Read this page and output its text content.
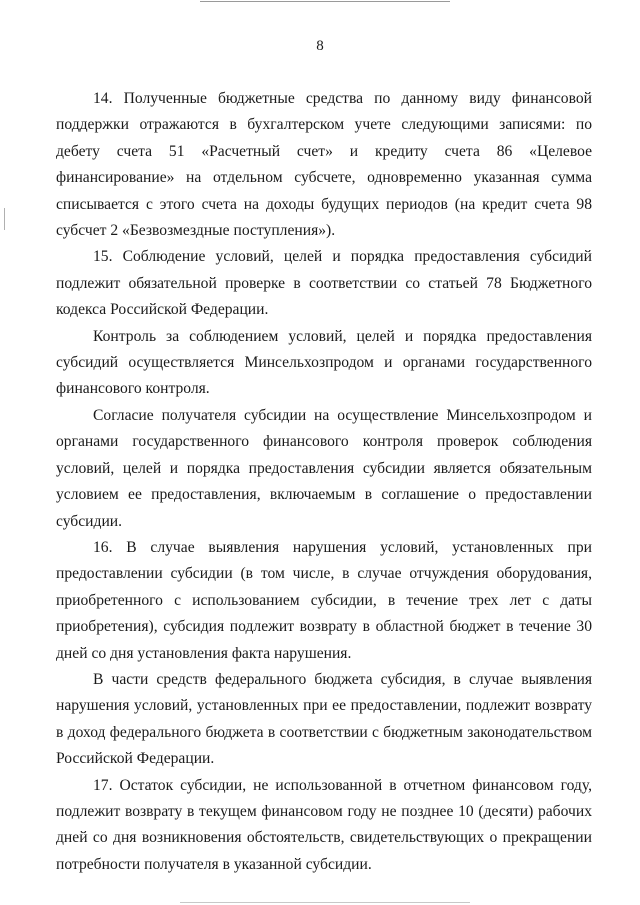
8

14. Полученные бюджетные средства по данному виду финансовой поддержки отражаются в бухгалтерском учете следующими записями: по дебету счета 51 «Расчетный счет» и кредиту счета 86 «Целевое финансирование» на отдельном субсчете, одновременно указанная сумма списывается с этого счета на доходы будущих периодов (на кредит счета 98 субсчет 2 «Безвозмездные поступления»).

15. Соблюдение условий, целей и порядка предоставления субсидий подлежит обязательной проверке в соответствии со статьей 78 Бюджетного кодекса Российской Федерации.

Контроль за соблюдением условий, целей и порядка предоставления субсидий осуществляется Минсельхозпродом и органами государственного финансового контроля.

Согласие получателя субсидии на осуществление Минсельхозпродом и органами государственного финансового контроля проверок соблюдения условий, целей и порядка предоставления субсидии является обязательным условием ее предоставления, включаемым в соглашение о предоставлении субсидии.

16. В случае выявления нарушения условий, установленных при предоставлении субсидии (в том числе, в случае отчуждения оборудования, приобретенного с использованием субсидии, в течение трех лет с даты приобретения), субсидия подлежит возврату в областной бюджет в течение 30 дней со дня установления факта нарушения.

В части средств федерального бюджета субсидия, в случае выявления нарушения условий, установленных при ее предоставлении, подлежит возврату в доход федерального бюджета в соответствии с бюджетным законодательством Российской Федерации.

17. Остаток субсидии, не использованной в отчетном финансовом году, подлежит возврату в текущем финансовом году не позднее 10 (десяти) рабочих дней со дня возникновения обстоятельств, свидетельствующих о прекращении потребности получателя в указанной субсидии.
